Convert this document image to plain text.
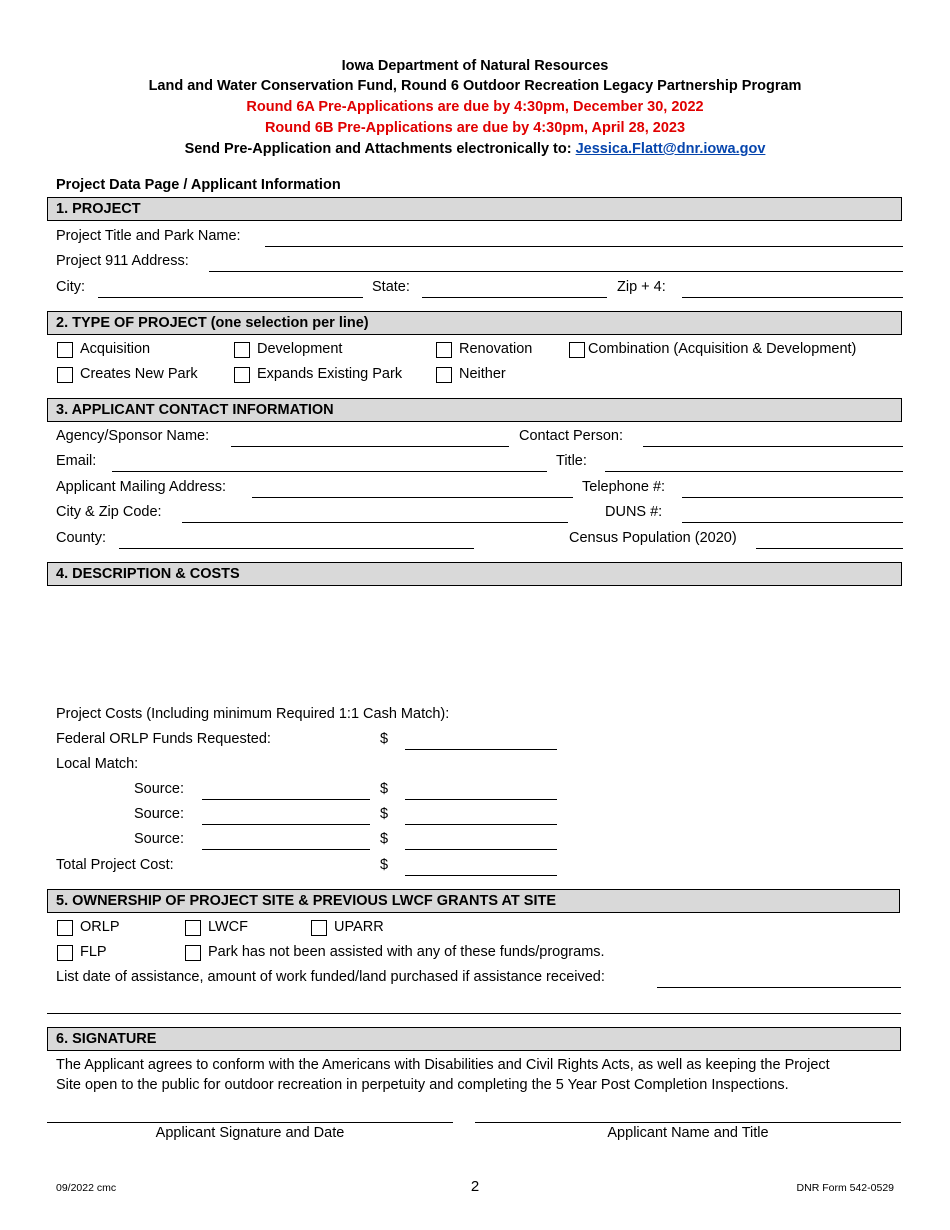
Iowa Department of Natural Resources
Land and Water Conservation Fund, Round 6 Outdoor Recreation Legacy Partnership Program
Round 6A Pre-Applications are due by 4:30pm, December 30, 2022
Round 6B Pre-Applications are due by 4:30pm, April 28, 2023
Send Pre-Application and Attachments electronically to: Jessica.Flatt@dnr.iowa.gov
Project Data Page / Applicant Information
1. PROJECT
Project Title and Park Name:
Project 911 Address:
City:	State:	Zip + 4:
2. TYPE OF PROJECT (one selection per line)
Acquisition	Development	Renovation	Combination (Acquisition & Development)
Creates New Park	Expands Existing Park	Neither
3. APPLICANT CONTACT INFORMATION
Agency/Sponsor Name:	Contact Person:
Email:	Title:
Applicant Mailing Address:	Telephone #:
City & Zip Code:	DUNS #:
County:	Census Population (2020)
4. DESCRIPTION & COSTS
Project Costs (Including minimum Required 1:1 Cash Match):
Federal ORLP Funds Requested:	$
Local Match:
Source:	$
Source:	$
Source:	$
Total Project Cost:	$
5. OWNERSHIP OF PROJECT SITE & PREVIOUS LWCF GRANTS AT SITE
ORLP	LWCF	UPARR
FLP	Park has not been assisted with any of these funds/programs.
List date of assistance, amount of work funded/land purchased if assistance received:
6. SIGNATURE
The Applicant agrees to conform with the Americans with Disabilities and Civil Rights Acts, as well as keeping the Project
Site open to the public for outdoor recreation in perpetuity and completing the 5 Year Post Completion Inspections.
Applicant Signature and Date	Applicant Name and Title
09/2022 cmc	2	DNR Form 542-0529
